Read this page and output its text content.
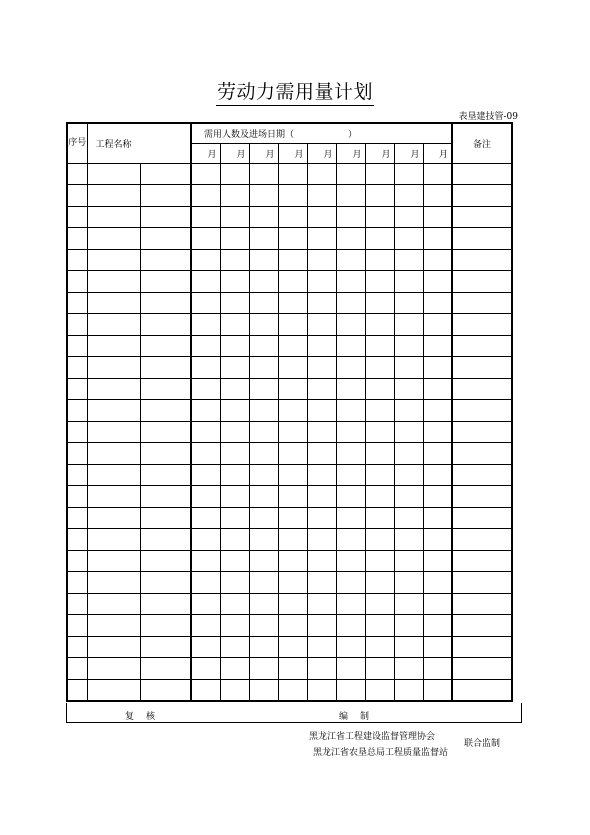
劳动力需用量计划
表垦建技管-09
序号	工程名称		需用人数及进场日期（　　　　　　）									备注
			月	月	月	月	月	月	月	月	月	

复核	编制
黑龙江省工程建设监督管理协会
黑龙江省农垦总局工程质量监督站
联合监制
